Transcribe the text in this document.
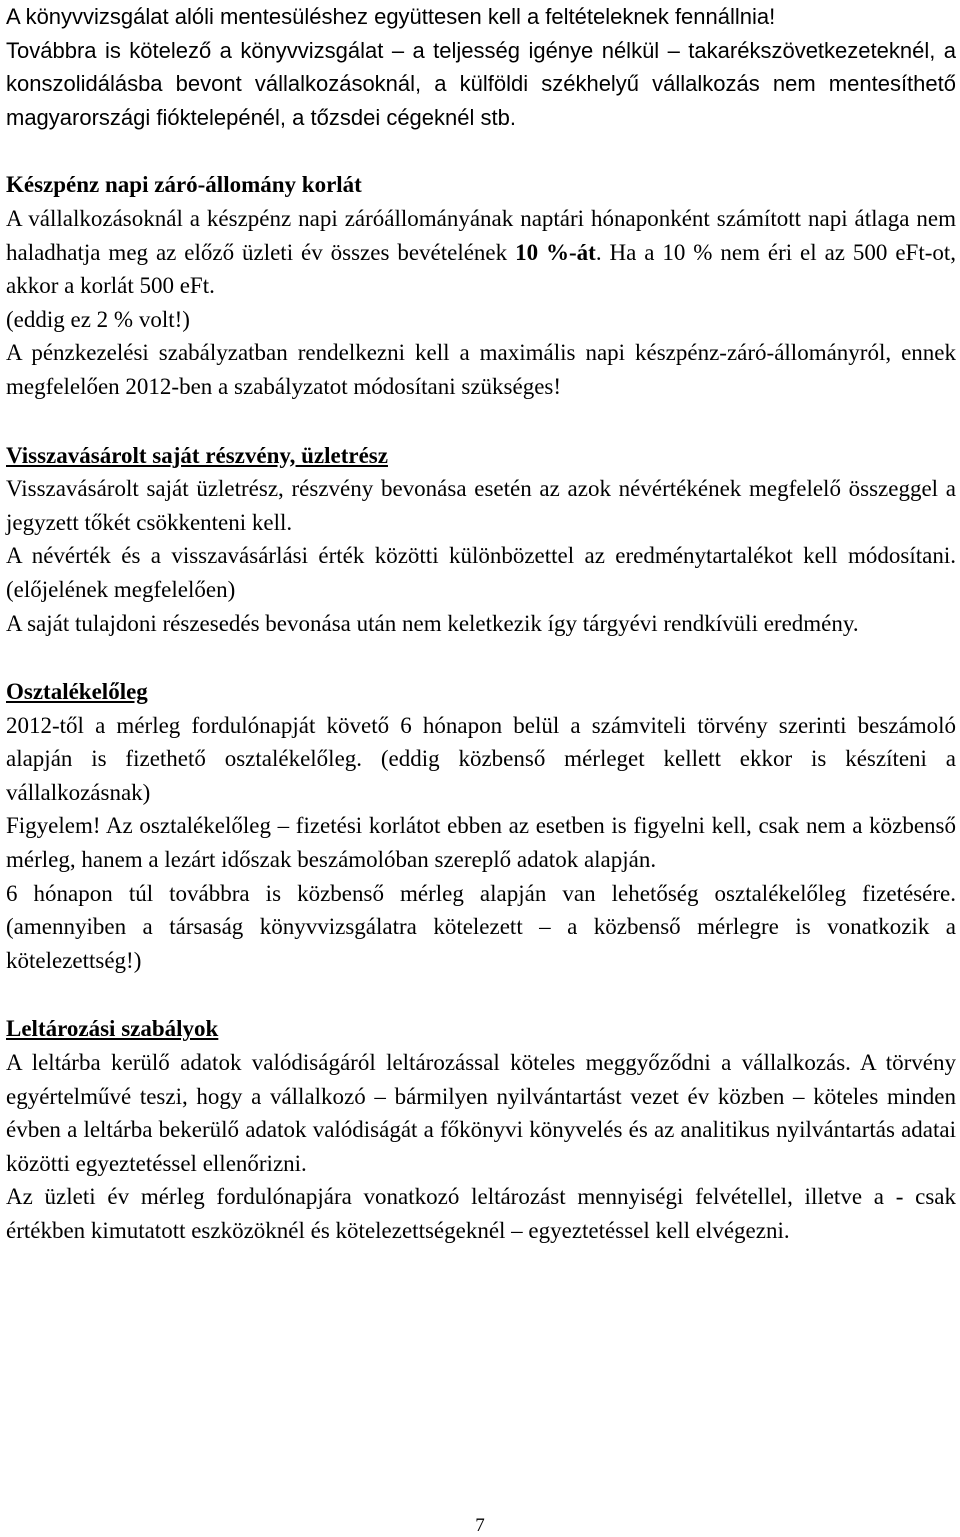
A könyvvizsgálat alóli mentesüléshez együttesen kell a feltételeknek fennállnia!

Továbbra is kötelező a könyvvizsgálat – a teljesség igénye nélkül – takarékszövetkezeteknél, a konszolidálásba bevont vállalkozásoknál, a külföldi székhelyű vállalkozás nem mentesíthető magyarországi fióktelepénél, a tőzsdei cégeknél stb.

Készpénz napi záró-állomány korlát

A vállalkozásoknál a készpénz napi záróállományának naptári hónaponként számított napi átlaga nem haladhatja meg az előző üzleti év összes bevételének 10 %-át. Ha a 10 % nem éri el az 500 eFt-ot, akkor a korlát 500 eFt.

(eddig ez 2 % volt!)

A pénzkezelési szabályzatban rendelkezni kell a maximális napi készpénz-záró-állományról, ennek megfelelően 2012-ben a szabályzatot módosítani szükséges!

Visszavásárolt saját részvény, üzletrész

Visszavásárolt saját üzletrész, részvény bevonása esetén az azok névértékének megfelelő összeggel a jegyzett tőkét csökkenteni kell.

A névérték és a visszavásárlási érték közötti különbözettel az eredménytartalékot kell módosítani. (előjelének megfelelően)

A saját tulajdoni részesedés bevonása után nem keletkezik így tárgyévi rendkívüli eredmény.

Osztalékelőleg

2012-től a mérleg fordulónapját követő 6 hónapon belül a számviteli törvény szerinti beszámoló alapján is fizethető osztalékelőleg. (eddig közbenső mérleget kellett ekkor is készíteni a vállalkozásnak)

Figyelem! Az osztalékelőleg – fizetési korlátot ebben az esetben is figyelni kell, csak nem a közbenső mérleg, hanem a lezárt időszak beszámolóban szereplő adatok alapján.

6 hónapon túl továbbra is közbenső mérleg alapján van lehetőség osztalékelőleg fizetésére. (amennyiben a társaság könyvvizsgálatra kötelezett – a közbenső mérlegre is vonatkozik a kötelezettség!)

Leltározási szabályok

A leltárba kerülő adatok valódiságáról leltározással köteles meggyőződni a vállalkozás. A törvény egyértelművé teszi, hogy a vállalkozó – bármilyen nyilvántartást vezet év közben – köteles minden évben a leltárba bekerülő adatok valódiságát a főkönyvi könyvelés és az analitikus nyilvántartás adatai közötti egyeztetéssel ellenőrizni.

Az üzleti év mérleg fordulónapjára vonatkozó leltározást mennyiségi felvétellel, illetve a - csak értékben kimutatott eszközöknél és kötelezettségeknél – egyeztetéssel kell elvégezni.

7
